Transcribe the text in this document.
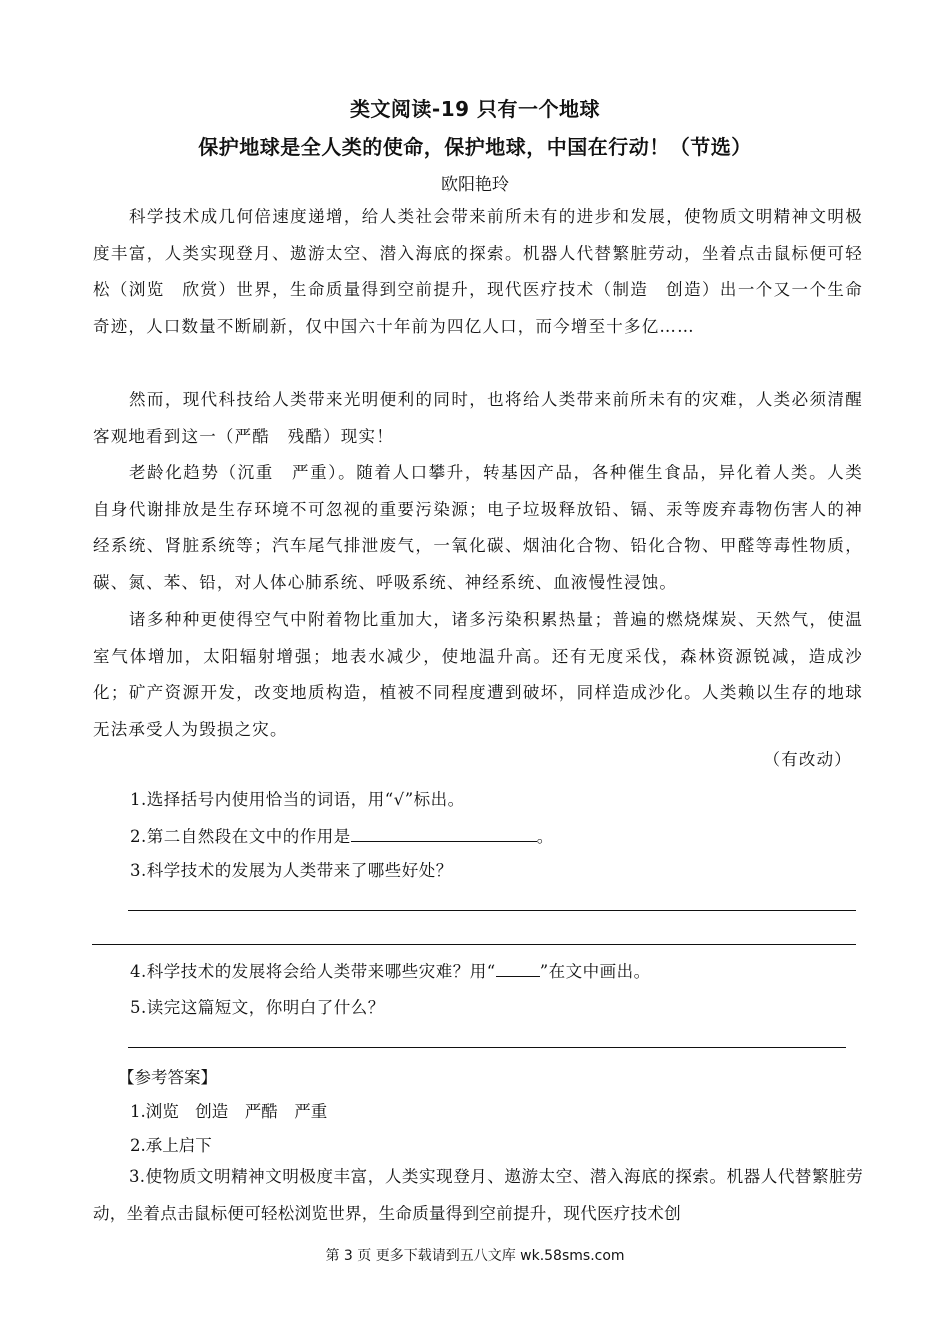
类文阅读-19 只有一个地球
保护地球是全人类的使命，保护地球，中国在行动！（节选）
欧阳艳玲

科学技术成几何倍速度递增，给人类社会带来前所未有的进步和发展，使物质文明精神文明极度丰富，人类实现登月、遨游太空、潜入海底的探索。机器人代替繁脏劳动，坐着点击鼠标便可轻松（浏览　欣赏）世界，生命质量得到空前提升，现代医疗技术（制造　创造）出一个又一个生命奇迹，人口数量不断刷新，仅中国六十年前为四亿人口，而今增至十多亿……

然而，现代科技给人类带来光明便利的同时，也将给人类带来前所未有的灾难，人类必须清醒客观地看到这一（严酷　残酷）现实！

老龄化趋势（沉重　严重）。随着人口攀升，转基因产品，各种催生食品，异化着人类。人类自身代谢排放是生存环境不可忽视的重要污染源；电子垃圾释放铅、镉、汞等废弃毒物伤害人的神经系统、肾脏系统等；汽车尾气排泄废气，一氧化碳、烟油化合物、铅化合物、甲醛等毒性物质，碳、氮、苯、铅，对人体心肺系统、呼吸系统、神经系统、血液慢性浸蚀。

诸多种种更使得空气中附着物比重加大，诸多污染积累热量；普遍的燃烧煤炭、天然气，使温室气体增加，太阳辐射增强；地表水减少，使地温升高。还有无度采伐，森林资源锐减，造成沙化；矿产资源开发，改变地质构造，植被不同程度遭到破坏，同样造成沙化。人类赖以生存的地球无法承受人为毁损之灾。

（有改动）
1.选择括号内使用恰当的词语，用“√”标出。
2.第二自然段在文中的作用是	。
3.科学技术的发展为人类带来了哪些好处？
4.科学技术的发展将会给人类带来哪些灾难？用“	”在文中画出。
5.读完这篇短文，你明白了什么？
【参考答案】
1.浏览　创造　严酷　严重
2.承上启下

3.使物质文明精神文明极度丰富，人类实现登月、遨游太空、潜入海底的探索。机器人代替繁脏劳动，坐着点击鼠标便可轻松浏览世界，生命质量得到空前提升，现代医疗技术创

第 3 页 更多下载请到五八文库 wk.58sms.com
